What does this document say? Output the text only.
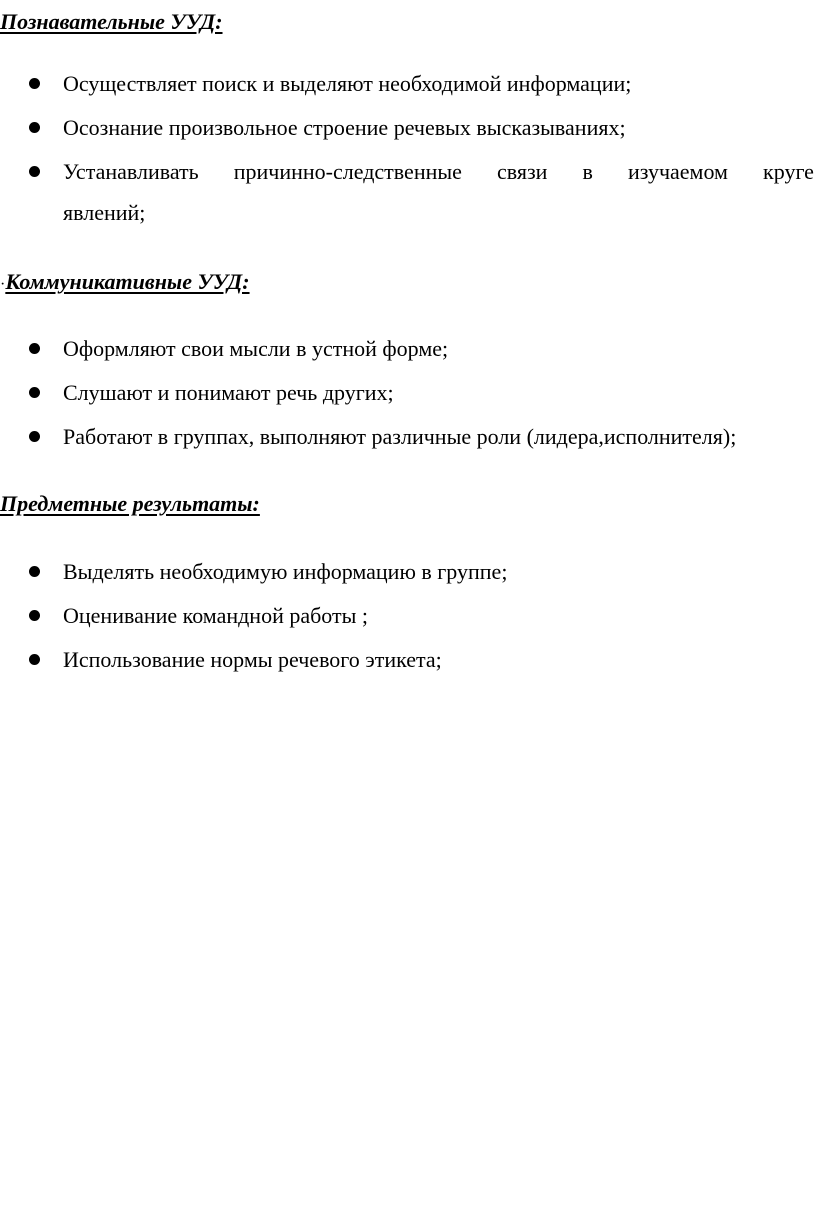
Познавательные УУД:
Осуществляет поиск и выделяют необходимой информации;
Осознание произвольное строение речевых высказываниях;
Устанавливать причинно-следственные связи в изучаемом круге
явлений;
·Коммуникативные УУД:
Оформляют свои мысли в устной форме;
Слушают и понимают речь других;
Работают в группах, выполняют различные роли (лидера,исполнителя);
Предметные результаты:
Выделять необходимую информацию в группе;
Оценивание командной работы ;
Использование нормы речевого этикета;
